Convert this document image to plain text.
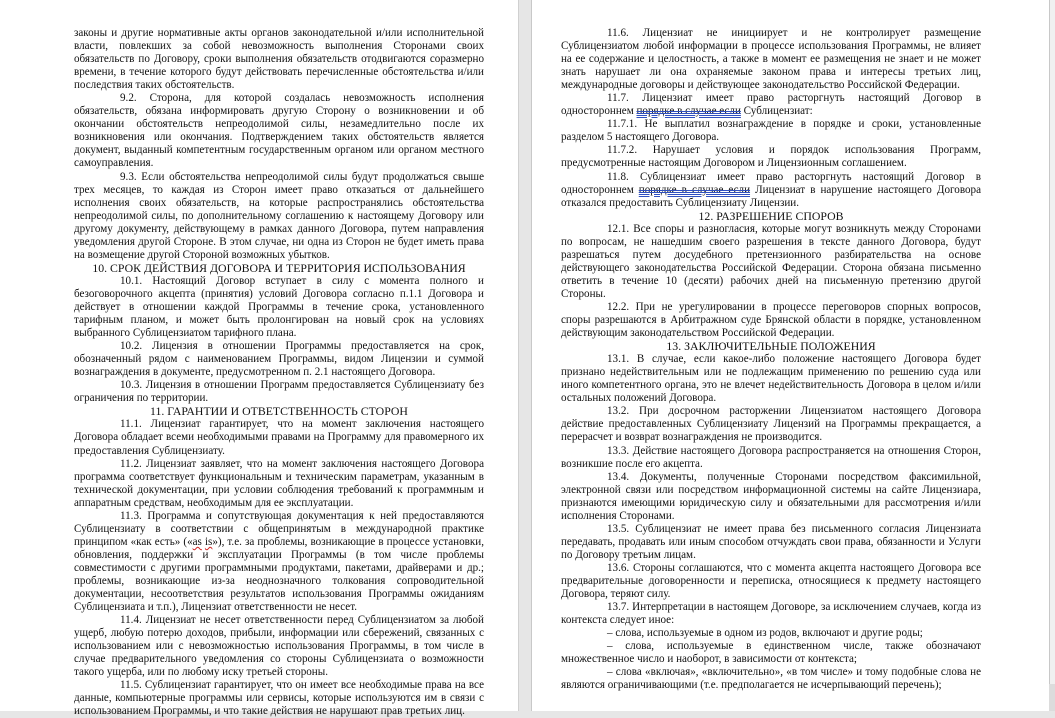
законы и другие нормативные акты органов законодательной и/или исполнительной власти, повлекших за собой невозможность выполнения Сторонами своих обязательств по Договору, сроки выполнения обязательств отодвигаются соразмерно времени, в течение которого будут действовать перечисленные обстоятельства и/или последствия таких обстоятельств.

9.2. Сторона, для которой создалась невозможность исполнения обязательств, обязана информировать другую Сторону о возникновении и об окончании обстоятельств непреодолимой силы, незамедлительно после их возникновения или окончания. Подтверждением таких обстоятельств является документ, выданный компетентным государственным органом или органом местного самоуправления.

9.3. Если обстоятельства непреодолимой силы будут продолжаться свыше трех месяцев, то каждая из Сторон имеет право отказаться от дальнейшего исполнения своих обязательств, на которые распространялись обстоятельства непреодолимой силы, по дополнительному соглашению к настоящему Договору или другому документу, действующему в рамках данного Договора, путем направления уведомления другой Стороне. В этом случае, ни одна из Сторон не будет иметь права на возмещение другой Стороной возможных убытков.

10. СРОК ДЕЙСТВИЯ ДОГОВОРА И ТЕРРИТОРИЯ ИСПОЛЬЗОВАНИЯ

10.1. Настоящий Договор вступает в силу с момента полного и безоговорочного акцепта (принятия) условий Договора согласно п.1.1 Договора и действует в отношении каждой Программы в течение срока, установленного тарифным планом, и может быть пролонгирован на новый срок на условиях выбранного Сублицензиатом тарифного плана.

10.2. Лицензия в отношении Программы предоставляется на срок, обозначенный рядом с наименованием Программы, видом Лицензии и суммой вознаграждения в документе, предусмотренном п. 2.1 настоящего Договора.

10.3. Лицензия в отношении Программ предоставляется Сублицензиату без ограничения по территории.

11. ГАРАНТИИ И ОТВЕТСТВЕННОСТЬ СТОРОН

11.1. Лицензиат гарантирует, что на момент заключения настоящего Договора обладает всеми необходимыми правами на Программу для правомерного их предоставления Сублицензиату.

11.2. Лицензиат заявляет, что на момент заключения настоящего Договора программа соответствует функциональным и техническим параметрам, указанным в технической документации, при условии соблюдения требований к программным и аппаратным средствам, необходимым для ее эксплуатации.

11.3. Программа и сопутствующая документация к ней предоставляются Сублицензиату в соответствии с общепринятым в международной практике принципом «как есть» («as is»), т.е. за проблемы, возникающие в процессе установки, обновления, поддержки и эксплуатации Программы (в том числе проблемы совместимости с другими программными продуктами, пакетами, драйверами и др.; проблемы, возникающие из-за неоднозначного толкования сопроводительной документации, несоответствия результатов использования Программы ожиданиям Сублицензиата и т.п.), Лицензиат ответственности не несет.

11.4. Лицензиат не несет ответственности перед Сублицензиатом за любой ущерб, любую потерю доходов, прибыли, информации или сбережений, связанных с использованием или с невозможностью использования Программы, в том числе в случае предварительного уведомления со стороны Сублицензиата о возможности такого ущерба, или по любому иску третьей стороны.

11.5. Сублицензиат гарантирует, что он имеет все необходимые права на все данные, компьютерные программы или сервисы, которые используются им в связи с использованием Программы, и что такие действия не нарушают прав третьих лиц.

11.6. Лицензиат не инициирует и не контролирует размещение Сублицензиатом любой информации в процессе использования Программы, не влияет на ее содержание и целостность, а также в момент ее размещения не знает и не может знать нарушает ли она охраняемые законом права и интересы третьих лиц, международные договоры и действующее законодательство Российской Федерации.

11.7. Лицензиат имеет право расторгнуть настоящий Договор в одностороннем порядке в случае если Сублицензиат:

11.7.1. Не выплатил вознаграждение в порядке и сроки, установленные разделом 5 настоящего Договора.

11.7.2. Нарушает условия и порядок использования Программ, предусмотренные настоящим Договором и Лицензионным соглашением.

11.8. Сублицензиат имеет право расторгнуть настоящий Договор в одностороннем порядке в случае если Лицензиат в нарушение настоящего Договора отказался предоставить Сублицензиату Лицензии.

12. РАЗРЕШЕНИЕ СПОРОВ

12.1. Все споры и разногласия, которые могут возникнуть между Сторонами по вопросам, не нашедшим своего разрешения в тексте данного Договора, будут разрешаться путем досудебного претензионного разбирательства на основе действующего законодательства Российской Федерации. Сторона обязана письменно ответить в течение 10 (десяти) рабочих дней на письменную претензию другой Стороны.

12.2. При не урегулировании в процессе переговоров спорных вопросов, споры разрешаются в Арбитражном суде Брянской области в порядке, установленном действующим законодательством Российской Федерации.

13. ЗАКЛЮЧИТЕЛЬНЫЕ ПОЛОЖЕНИЯ

13.1. В случае, если какое-либо положение настоящего Договора будет признано недействительным или не подлежащим применению по решению суда или иного компетентного органа, это не влечет недействительность Договора в целом и/или остальных положений Договора.

13.2. При досрочном расторжении Лицензиатом настоящего Договора действие предоставленных Сублицензиату Лицензий на Программы прекращается, а перерасчет и возврат вознаграждения не производится.

13.3. Действие настоящего Договора распространяется на отношения Сторон, возникшие после его акцепта.

13.4. Документы, полученные Сторонами посредством факсимильной, электронной связи или посредством информационной системы на сайте Лицензиара, признаются имеющими юридическую силу и обязательными для рассмотрения и/или исполнения Сторонами.

13.5. Сублицензиат не имеет права без письменного согласия Лицензиата передавать, продавать или иным способом отчуждать свои права, обязанности и Услуги по Договору третьим лицам.

13.6. Стороны соглашаются, что с момента акцепта настоящего Договора все предварительные договоренности и переписка, относящиеся к предмету настоящего Договора, теряют силу.

13.7. Интерпретации в настоящем Договоре, за исключением случаев, когда из контекста следует иное:

– слова, используемые в одном из родов, включают и другие роды;

– слова, используемые в единственном числе, также обозначают множественное число и наоборот, в зависимости от контекста;

– слова «включая», «включительно», «в том числе» и тому подобные слова не являются ограничивающими (т.е. предполагается не исчерпывающий перечень);
